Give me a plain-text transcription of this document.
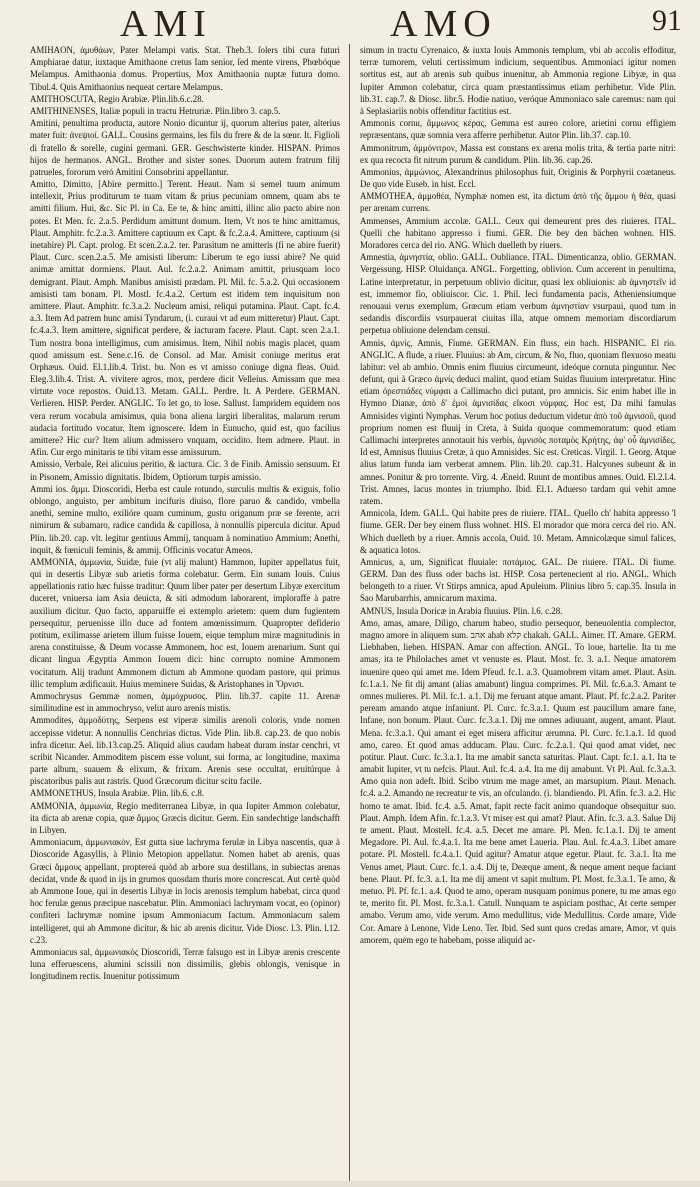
AMI	AMO	91

AMIHAON, ἀμυθάων, Pater Melampi vatis. Stat. Theb.3. ſolers tibi cura futuri Amphiarae datur, iuxtaque Amithaone cretus Iam senior, ſed mente virens, Phœbóque Melampus. Amithaonia domus. Propertius, Mox Amithaonia nuptæ futura domo. Tibul.4. Quis Amithaonius nequeat certare Melampus.

AMITHOSCUTA, Regio Arabiæ. Plin.lib.6.c.28.

AMITHINENSES, Italiæ populi in tractu Hetruriæ. Plin.libro 3. cap.5.

Amitini, penultima producta, autore Nonio dicuntur ij, quorum alterius pater, alterius mater fuit: ἀνεψιοί. GALL. Cousins germains, les fils du frere & de la sœur. It. Figlioli di fratello & sorelle, cugini germani. GER. Geschwisterte kinder. HISPAN. Primos hijos de hermanos. ANGL. Brother and sister sones. Duorum autem fratrum filij patrueles, fororum veró Amitini Consobrini appellantur.

Amitto, Dimitto, [Abire permitto.] Terent. Heaut. Nam si semel tuum animum intellexit, Prius proditurum te tuam vitam & prius pecuniam omnem, quam abs te amitti filium. Hui, &c. Sic Pl. in Ca. Ee te, & hinc amitti, illinc alio pacto abire non potes. Et Men. fc. 2.a.5. Perdidum amittunt domum. Item, Vt nos te hinc amittamus, Plaut. Amphitr. fc.2.a.3. Amittere captiuum ex Capt. & fc.2.a.4. Amittere, captiuum (si inetabire) Pl. Capt. prolog. Et scen.2.a.2. ter. Parasitum ne amitteris (fi ne abire fuerit) Plaut. Curc. scen.2.a.5. Me amisisti liberum: Liberum te ego iussi abire? Ne quid animæ amittat dormiens. Plaut. Aul. fc.2.a.2. Animam amittit, priusquam loco demigrant. Plaut. Amph. Manibus amisisti prædam. Pl. Mil. fc. 5.a.2. Qui occasionem amisisti tam bonam. Pl. Mostl. fc.4.a.2. Certum est itidem tem inquisitum non amittere. Plaut. Amphitr. fc.3.a.2. Nucleum amisi, reliqui putamina. Plaut. Capt. fc.4. a.3. Item Ad patrem hunc amisi Tyndarum, (i. curaui vt ad eum mitteretur) Plaut. Capt. fc.4.a.3. Item amittere, significat perdere, & iacturam facere. Plaut. Capt. scen 2.a.1. Tum nostra bona intelligimus, cum amisimus. Item, Nihil nobis magis placet, quam quod amissum est. Sene.c.16. de Consol. ad Mar. Amisit coniuge meritus erat Orphæus. Ouid. El.1.lib.4. Trist. bu. Non es vt amisso coniuge digna fleas. Ouid. Eleg.3.lib.4. Trist. A. vivitere agros, mox, perdere dicit Velleius. Amissam que mea virtute voce repostos. Ouid.13. Metam. GALL. Perdre. It. A Perdere. GERMAN. Verlieren. HISP. Perder. ANGLIC. To let go, to lose. Sallust. Iampridem equidem nos vera rerum vocabula amisimus, quia bona aliena largiri liberalitas, malarum rerum audacia fortitudo vocatur. Item ignoscere. Idem in Eunucho, quid est, quo facilius amittere? Hic cur? Item alium admissero vnquam, occidito. Item admere. Plaut. in Afin. Cur ergo minitaris te tibi vitam esse amissurum.

Amissio, Verbale, Rei alicuius peritio, & iactura. Cic. 3 de Finib. Amissio sensuum. Et in Pisonem, Amissio dignitatis. Ibidem, Optiorum turpis amissio.

Ammi ios. ἄμμι. Dioscoridi, Herba est caule rotundo, surculis multis & exiguis, folio oblongo, anguisto, per ambitum incifuris diuiso, flore paruo & candido, vmbella anethi, semine multo, exilióre quam cuminum, gustu origanum præ se ferente, acri nimirum & subamaro, radice candida & capillosa, à nonnullis pipercula dicitur. Apud Plin. lib.20. cap. vlt. legitur gentiuus Ammij, tanquam à nominatiuo Ammium; Anethi, inquit, & fœniculi feminis, & ammij. Officinis vocatur Ameos.

AMMONIA, ἀμμωνία, Suidæ, fuie (vt alij malunt) Hammon, Iupiter appellatus fuit, qui in desertis Libyæ sub arietis forma colebatur. Germ. Ein sunam Iouis. Cuius appellationis ratio hæc fuisse traditur: Quum liber pater per desertum Libyæ exercitum duceret, vniuersa iam Asia deuicta, & siti admodum laborarent, imploraffe à patre auxilium dicitur. Quo facto, apparuiffe ei extemplo arietem: quem dum fugientem persequitur, peruenisse illo duce ad fontem amœnissimum. Quapropter defiderio potitum, exilimasse arietem illum fuisse Iouem, eique templum miræ magnitudinis in arena constituisse, & Deum vocasse Ammonem, hoc est, Iouem arenarium. Sunt qui dicant lingua Ægyptia Ammon Iouem dici: hinc corrupto nomine Ammonem vocitatum. Alij tradunt Ammonem dictum ab Ammone quodam pastore, qui primus illic templum ædificauit. Huius meminere Suidas, & Aristophanes in Ὄρνισι.

Ammochrysus Gemmæ nomen, ἀμμόχρυσος. Plin. lib.37. capite 11. Arenæ similitudine est in ammochryso, velut auro arenis mistis.

Ammodites, ἀμμοδύτης, Serpens est viperæ similis arenoli coloris, vnde nomen accepisse videtur. A nonnullis Cenchrias dictus. Vide Plin. lib.8. cap.23. de quo nobis infra dicetur. Ael. lib.13.cap.25. Aliquid alius caudam habeat duram instar cenchri, vt scribit Nicander. Ammoditem piscem esse volunt, sui forma, ac longitudine, maxima parte album, suauem & elixum, & frixum. Arenis sese occultat, eruitúrque à piscatoribus palis aut rastris. Quod Græcorum dicitur scitu facile.

AMMONETHUS, Insula Arabiæ. Plin. lib.6. c.8.

AMMONIA, ἀμμωνία, Regio mediterranea Libyæ, in qua Iupiter Ammon colebatur, ita dicta ab arenæ copia, quæ ἄμμος Græcis dicitur. Germ. Ein sandechtige landschafft in Libyen.

Ammoniacum, ἀμμωνιακὸν, Est gutta siue lachryma ferulæ in Libya nascentis, quæ à Dioscoride Agasyllis, à Plinio Metopion appellatur. Nomen habet ab arenis, quas Græci ἄμμους appellant, proptereá quòd ab arbore sua destillans, in subiectas arenas decidat, vnde & quod in ijs in grumos quosdam thuris more concrescat. Aut certè quòd ab Ammone Ioue, qui in desertis Libyæ in locis arenosis templum habebat, circa quod hoc ferulæ genus præcipue nascebatur. Plin. Ammoniaci lachrymam vocat, eo (opinor) confiteri lachrymæ nomine ipsum Ammoniacum factum. Ammoniacum salem intelligeret, qui ab Ammone dicitur, & hic ab arenis dicitur. Vide Diosc. l.3. Plin. l.12. c.23.

Ammoniacus sal, ἀμμωνιακὸς Dioscoridi, Terræ falsugo est in Libyæ arenis crescente luna efferuescens, alumini scissili non dissimilis, glebis oblongis, venisque in longitudinem rectis. Inuenitur potissimum

simum in tractu Cyrenaico, & iuxta Iouis Ammonis templum, vbi ab accolis effoditur, terræ tumorem, veluti certissimum indicium, sequentibus. Ammoniaci igitur nomen sortitus est, aut ab arenis sub quibus inuenitur, ab Ammonia regione Libyæ, in qua Iupiter Ammon colebatur, circa quam præstantissimus etiam perhibetur. Vide Plin. lib.31. cap.7. & Diosc. libr.5. Hodie natiuo, veróque Ammoniaco sale caremus: nam qui à Seplasiariis nobis offenditur factitius est.

Ammonis cornu, ἄμμωνος κέρας, Gemma est aureo colore, arietini cornu effigiem repræsentans, quæ somnia vera afferre perhibetur. Autor Plin. lib.37. cap.10.

Ammonitrum, ἀμμόνιτρον, Massa est constans ex arena molis trita, & tertia parte nitri: ex qua recocta fit nitrum purum & candidum. Plin. lib.36. cap.26.

Ammonius, ἀμμώνιος, Alexandrinus philosophus fuit, Originis & Porphyrii coætaneus. De quo vide Euseb. in hist. Eccl.

AMMOTHEA, ἀμμοθέα, Nymphæ nomen est, ita dictum ἀπὸ τῆς ἄμμου ἡ θέα, quasi per arenam currens.

Ammenses, Ammium accolæ. GALL. Ceux qui demeurent pres des riuieres. ITAL. Quelli che habitano appresso i fiumi. GER. Die bey den bächen wohnen. HIS. Moradores cerca del rio. ANG. Which duelleth by riuers.

Amnestia, ἀμνηστία, oblio. GALL. Oubliance. ITAL. Dimenticanza, oblio. GERMAN. Vergessung. HISP. Oluidança. ANGL. Forgetting, oblivion. Cum accerent in penultima, Latine interpretatur, in perpetuum oblivio dicitur, quasi lex obliuionis: ab ἀμνηστεῖν id est, immemor fio, obliuiscor. Cic. 1. Phil. Ieci fundamenta pacis, Atheniensiumque renouaui verus exemplum, Græcum etiam verbum ἀμνηστίαν vsurpaui, quod tum in sedandis discordiis vsurpauerat ciuitas illa, atque omnem memoriam discordiarum perpetua obliuione delendam censui.

Amnis, ἀμνίς, Amnis, Fiume. GERMAN. Ein fluss, ein bach. HISPANIC. El rio. ANGLIC. A flude, a riuer. Fluuius: ab Am, circum, & No, fluo, quoniam flexuoso meatu labitur: vel ab ambio. Omnis enim fluuius circumeunt, ideóque cornuta pinguntur. Nec defunt, qui à Græco ἀμνίς deduci malint, quod etiam Suidas fluuium interpretatur. Hinc etiam ὀρεστιάδες νύμφαι a Callimacho dici putant, pro amnicis. Sic enim habet ille in Hymno Dianæ, ἀπὸ δ' ἐμοὶ ἀμνισίδας εἴκοσι νύμφας. Hoc est, Da mihi famulas Amnisides viginti Nymphas. Verum hoc potius deductum videtur ἀπὸ τοῦ ἀμνισοῦ, quod proprium nomen est fluuij in Creta, à Suida quoque commemoratum: quod etiam Callimachi interpretes annotauit his verbis, ἀμνισὸς ποταμὸς Κρήτης, ἀφ' οὗ ἀμνισίδες. Id est, Amnisus fluuius Cretæ, à quo Amnisides. Sic est. Creticas. Virgil. 1. Georg. Atque alius latum funda iam verberat amnem. Plin. lib.20. cap.31. Halcyones subeunt & in amnes. Ponitur & pro torrente. Virg. 4. Æneid. Ruunt de montibus amnes. Ouid. El.2.l.4. Trist. Amnes, lacus montes in triumpho. Ibid. El.1. Aduerso tardam qui vehit amne ratem.

Amnicola, Idem. GALL. Qui habite pres de riuiere. ITAL. Quello ch' habita appresso 'l fiume. GER. Der bey einem fluss wohnet. HIS. El morador que mora cerca del rio. AN. Which duelleth by a riuer. Amnis accola, Ouid. 10. Metam. Amnicolæque simul falices, & aquatica lotos.

Amnicus, a, um, Significat fluuiale: ποτάμιος. GAL. De riuiere. ITAL. Di fiume. GERM. Dan des fluss oder bachs ist. HISP. Cosa pertenecient al rio. ANGL. Which belongeth to a riuer. Vt Stirps amnica, apud Apuleium. Plinius libro 5. cap.35. Insula in Sao Marubarrhis, amnicarum maxima.

AMNUS, Insula Doricæ in Arabia fluuius. Plin. l.6. c.28.

Amo, amas, amare, Diligo, charum habeo, studio persequor, beneuolentia complector, magno amore in aliquem sum. אהב ahab קלא chakah. GALL. Aimer. IT. Amare. GERM. Liebhaben, lieben. HISPAN. Amar con affection. ANGL. To loue, hartelie. Ita tu me amas, ita te Philolaches amet vt venuste es. Plaut. Most. fc. 3. a.1. Neque amatorem inuenire queo qui amet me. Idem Pfeud. fc.1. a.3. Quamobrem vitam amet. Plaut. Asin. fc.1.a.1. Ne fit dij amant (alias amabunt) lingua comprimes. Pl. Mil. fc.6.a.3. Amant te omnes mulieres. Pl. Mil. fc.1. a.1. Dij me feruant atque amant. Plaut. Pf. fc.2.a.2. Pariter peream amando atque infaniunt. Pl. Curc. fc.3.a.1. Quum est paucillum amare fane, Infane, non bonum. Plaut. Curc. fc.3.a.1. Dij me omnes adiuuant, augent, amant. Plaut. Mena. fc.3.a.1. Qui amant ei eget misera afficitur ærumna. Pl. Curc. fc.1.a.1. Id quod amo, careo. Et quod amas adducam. Plau. Curc. fc.2.a.1. Qui quod amat videt, nec potitur. Plaut. Curc. fc.3.a.1. Ita me amabit sancta saturitas. Plaut. Capt. fc.1. a.1. Ita te amabit Iupiter, vt tu nefcis. Plaut. Aul. fc.4. a.4. Ita me dij amabunt. Vt Pl. Aul. fc.3.a.3. Amo quia non adeft. Ibid. Scibo vtrum me mage amet, an marsupium. Plaut. Menach. fc.4. a.2. Amando ne recreatur te vis, an ofculando. (i. blandiendo. Pl. Afin. fc.3. a.2. Hic homo te amat. Ibid. fc.4. a.5. Amat, fapit recte facit animo quandoque obsequitur suo. Plaut. Amph. Idem Afin. fc.1.a.3. Vt miser est qui amat? Plaut. Afin. fc.3. a.3. Salue Dij te ament. Plaut. Mostell. fc.4. a.5. Decet me amare. Pl. Men. fc.1.a.1. Dij te ament Megadore. Pl. Aul. fc.4.a.1. Ita me bene amet Laueria. Plau. Aul. fc.4.a.3. Libet amare potare. Pl. Mostell. fc.4.a.1. Quid agitur? Amatur atque egetur. Plaut. fc. 3.a.1. Ita me Venus amet, Plaut. Curc. fc.1. a.4. Dij te, Deæque ament, & neque ament neque faciant bene. Plaut. Pf. fc.3. a.1. Ita me dij ament vt sapit multum. Pl. Most. fc.3.a.1. Te amo, & metuo. Pl. Pf. fc.1. a.4. Quod te amo, operam nusquam ponimus ponere, tu me amas ego te, merito fit. Pl. Most. fc.3.a.1. Catull. Nunquam te aspiciam posthac, At certe semper amabo. Verum amo, vide verum. Amo medullitus, vide Medullitus. Corde amare, Vide Cor. Amare à Lenone, Vide Leno. Ter. Ibid. Sed sunt quos credas amare, Amor, vt quis amorem, quem ego te habebam, posse aliquid ac-
